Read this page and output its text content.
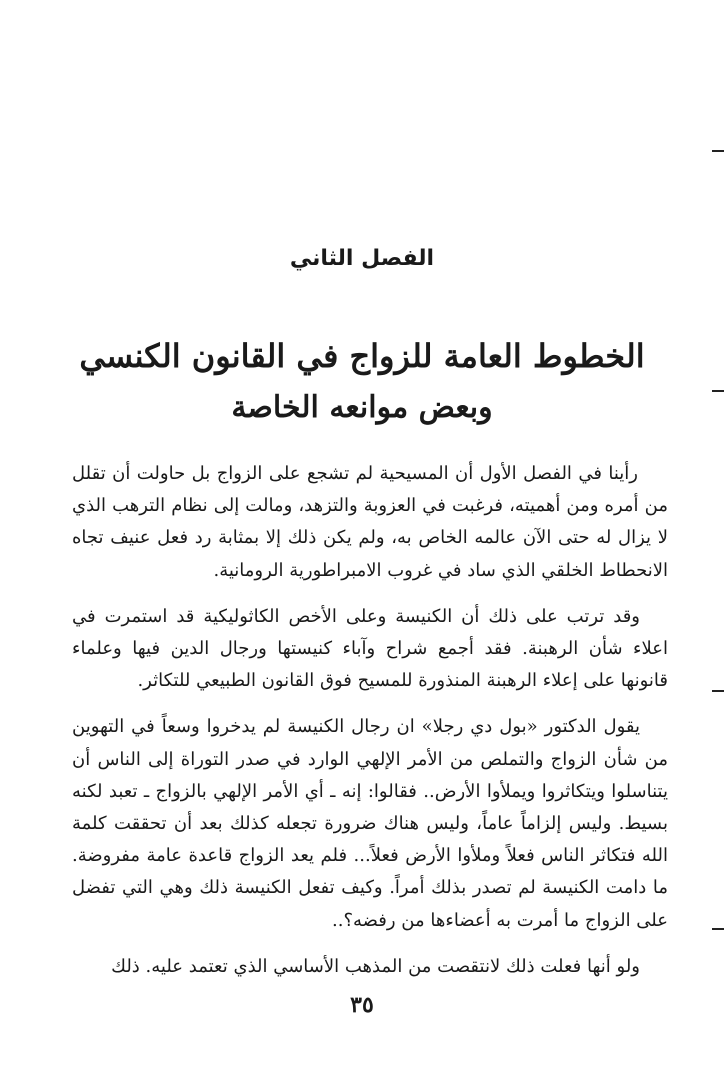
الفصل الثاني

الخطوط العامة للزواج في القانون الكنسي

وبعض موانعه الخاصة

رأينا في الفصل الأول أن المسيحية لم تشجع على الزواج بل حاولت أن تقلل من أمره ومن أهميته، فرغبت في العزوبة والتزهد، ومالت إلى نظام الترهب الذي لا يزال له حتى الآن عالمه الخاص به، ولم يكن ذلك إلا بمثابة رد فعل عنيف تجاه الانحطاط الخلقي الذي ساد في غروب الامبراطورية الرومانية.

وقد ترتب على ذلك أن الكنيسة وعلى الأخص الكاثوليكية قد استمرت في اعلاء شأن الرهبنة. فقد أجمع شراح وآباء كنيستها ورجال الدين فيها وعلماء قانونها على إعلاء الرهبنة المنذورة للمسيح فوق القانون الطبيعي للتكاثر.

يقول الدكتور «بول دي رجلا» ان رجال الكنيسة لم يدخروا وسعاً في التهوين من شأن الزواج والتملص من الأمر الإلهي الوارد في صدر التوراة إلى الناس أن يتناسلوا ويتكاثروا ويملأوا الأرض.. فقالوا: إنه ـ أي الأمر الإلهي بالزواج ـ تعبد لكنه بسيط. وليس إلزاماً عاماً، وليس هناك ضرورة تجعله كذلك بعد أن تحققت كلمة الله فتكاثر الناس فعلاً وملأوا الأرض فعلاً... فلم يعد الزواج قاعدة عامة مفروضة. ما دامت الكنيسة لم تصدر بذلك أمراً. وكيف تفعل الكنيسة ذلك وهي التي تفضل على الزواج ما أمرت به أعضاءها من رفضه؟..

ولو أنها فعلت ذلك لانتقصت من المذهب الأساسي الذي تعتمد عليه. ذلك

٣٥
